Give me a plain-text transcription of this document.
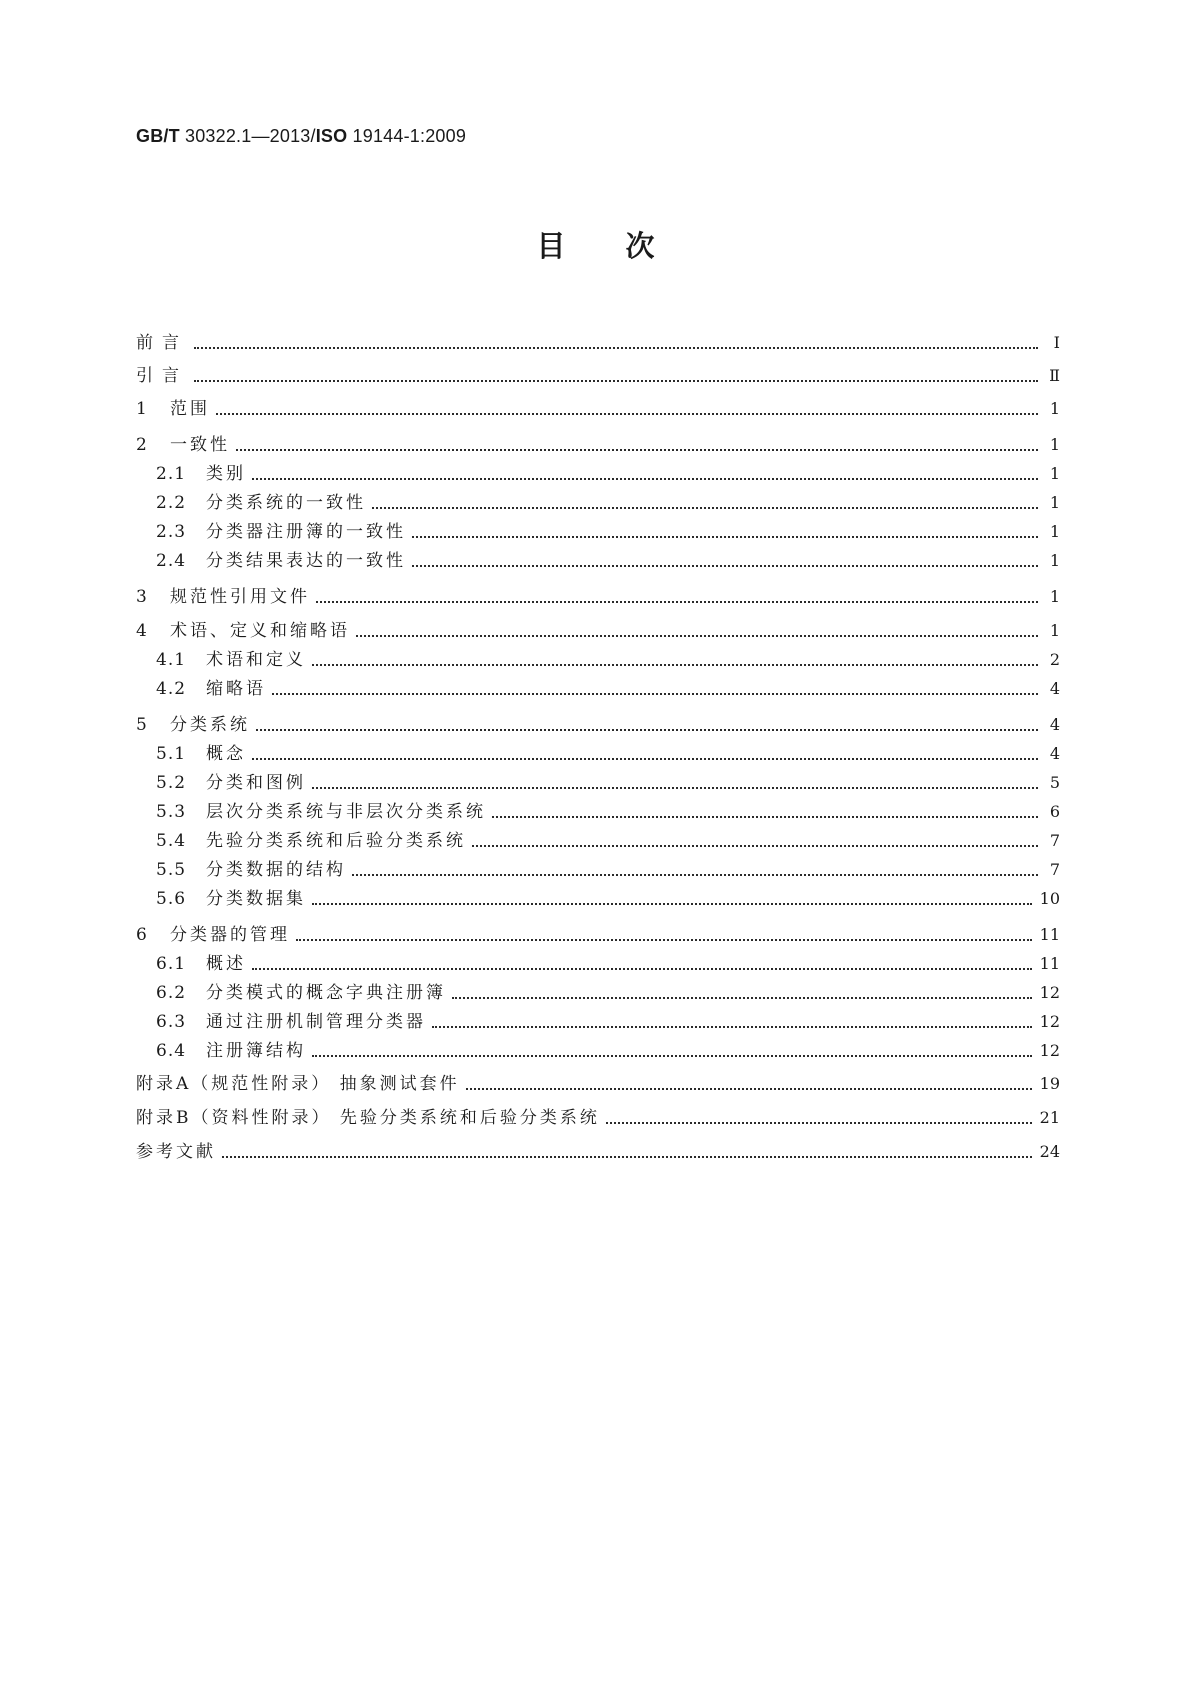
GB/T 30322.1—2013/ISO 19144-1:2009
目次
前言	Ⅰ
引言	Ⅱ
1	范围	1
2	一致性	1
2.1	类别	1
2.2	分类系统的一致性	1
2.3	分类器注册簿的一致性	1
2.4	分类结果表达的一致性	1
3	规范性引用文件	1
4	术语、定义和缩略语	1
4.1	术语和定义	2
4.2	缩略语	4
5	分类系统	4
5.1	概念	4
5.2	分类和图例	5
5.3	层次分类系统与非层次分类系统	6
5.4	先验分类系统和后验分类系统	7
5.5	分类数据的结构	7
5.6	分类数据集	10
6	分类器的管理	11
6.1	概述	11
6.2	分类模式的概念字典注册簿	12
6.3	通过注册机制管理分类器	12
6.4	注册簿结构	12
附录A（规范性附录） 抽象测试套件	19
附录B（资料性附录） 先验分类系统和后验分类系统	21
参考文献	24
